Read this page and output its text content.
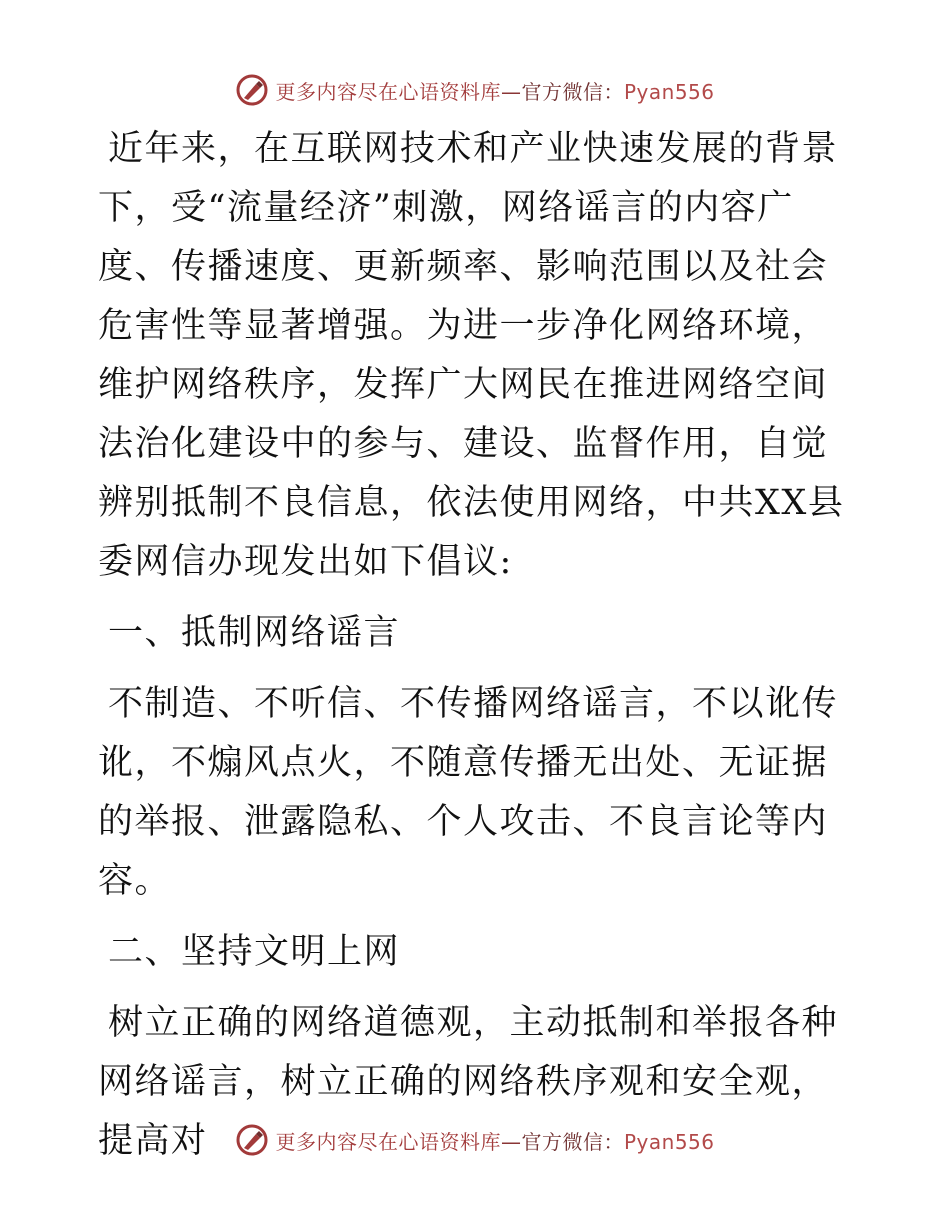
更多内容尽在心语资料库—官方微信：Pyan556

近年来，在互联网技术和产业快速发展的背景下，受“流量经济”刺激，网络谣言的内容广度、传播速度、更新频率、影响范围以及社会危害性等显著增强。为进一步净化网络环境，维护网络秩序，发挥广大网民在推进网络空间法治化建设中的参与、建设、监督作用，自觉辨别抵制不良信息，依法使用网络，中共XX县委网信办现发出如下倡议:

一、抵制网络谣言

不制造、不听信、不传播网络谣言，不以讹传讹，不煽风点火，不随意传播无出处、无证据的举报、泄露隐私、个人攻击、不良言论等内容。

二、坚持文明上网

树立正确的网络道德观，主动抵制和举报各种网络谣言，树立正确的网络秩序观和安全观，提高对	更多内容尽在心语资料库—官方微信：Pyan556
